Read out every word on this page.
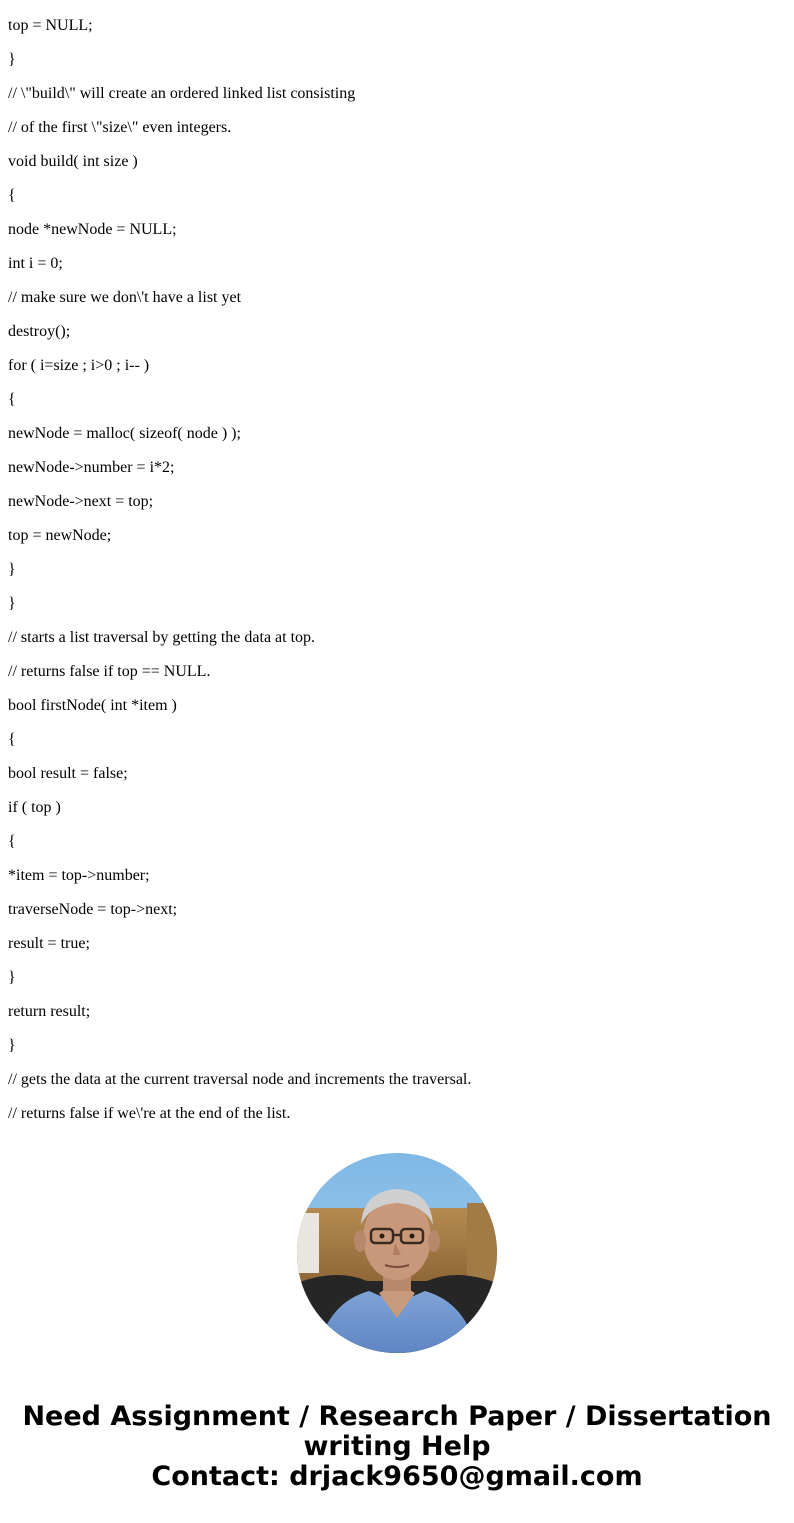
top = NULL;
}
// \"build\" will create an ordered linked list consisting
// of the first \"size\" even integers.
void build( int size )
{
node *newNode = NULL;
int i = 0;
// make sure we don\'t have a list yet
destroy();
for ( i=size ; i>0 ; i-- )
{
newNode = malloc( sizeof( node ) );
newNode->number = i*2;
newNode->next = top;
top = newNode;
}
}
// starts a list traversal by getting the data at top.
// returns false if top == NULL.
bool firstNode( int *item )
{
bool result = false;
if ( top )
{
*item = top->number;
traverseNode = top->next;
result = true;
}
return result;
}
// gets the data at the current traversal node and increments the traversal.
// returns false if we\'re at the end of the list.
Need Assignment / Research Paper / Dissertation
writing Help
Contact: drjack9650@gmail.com
